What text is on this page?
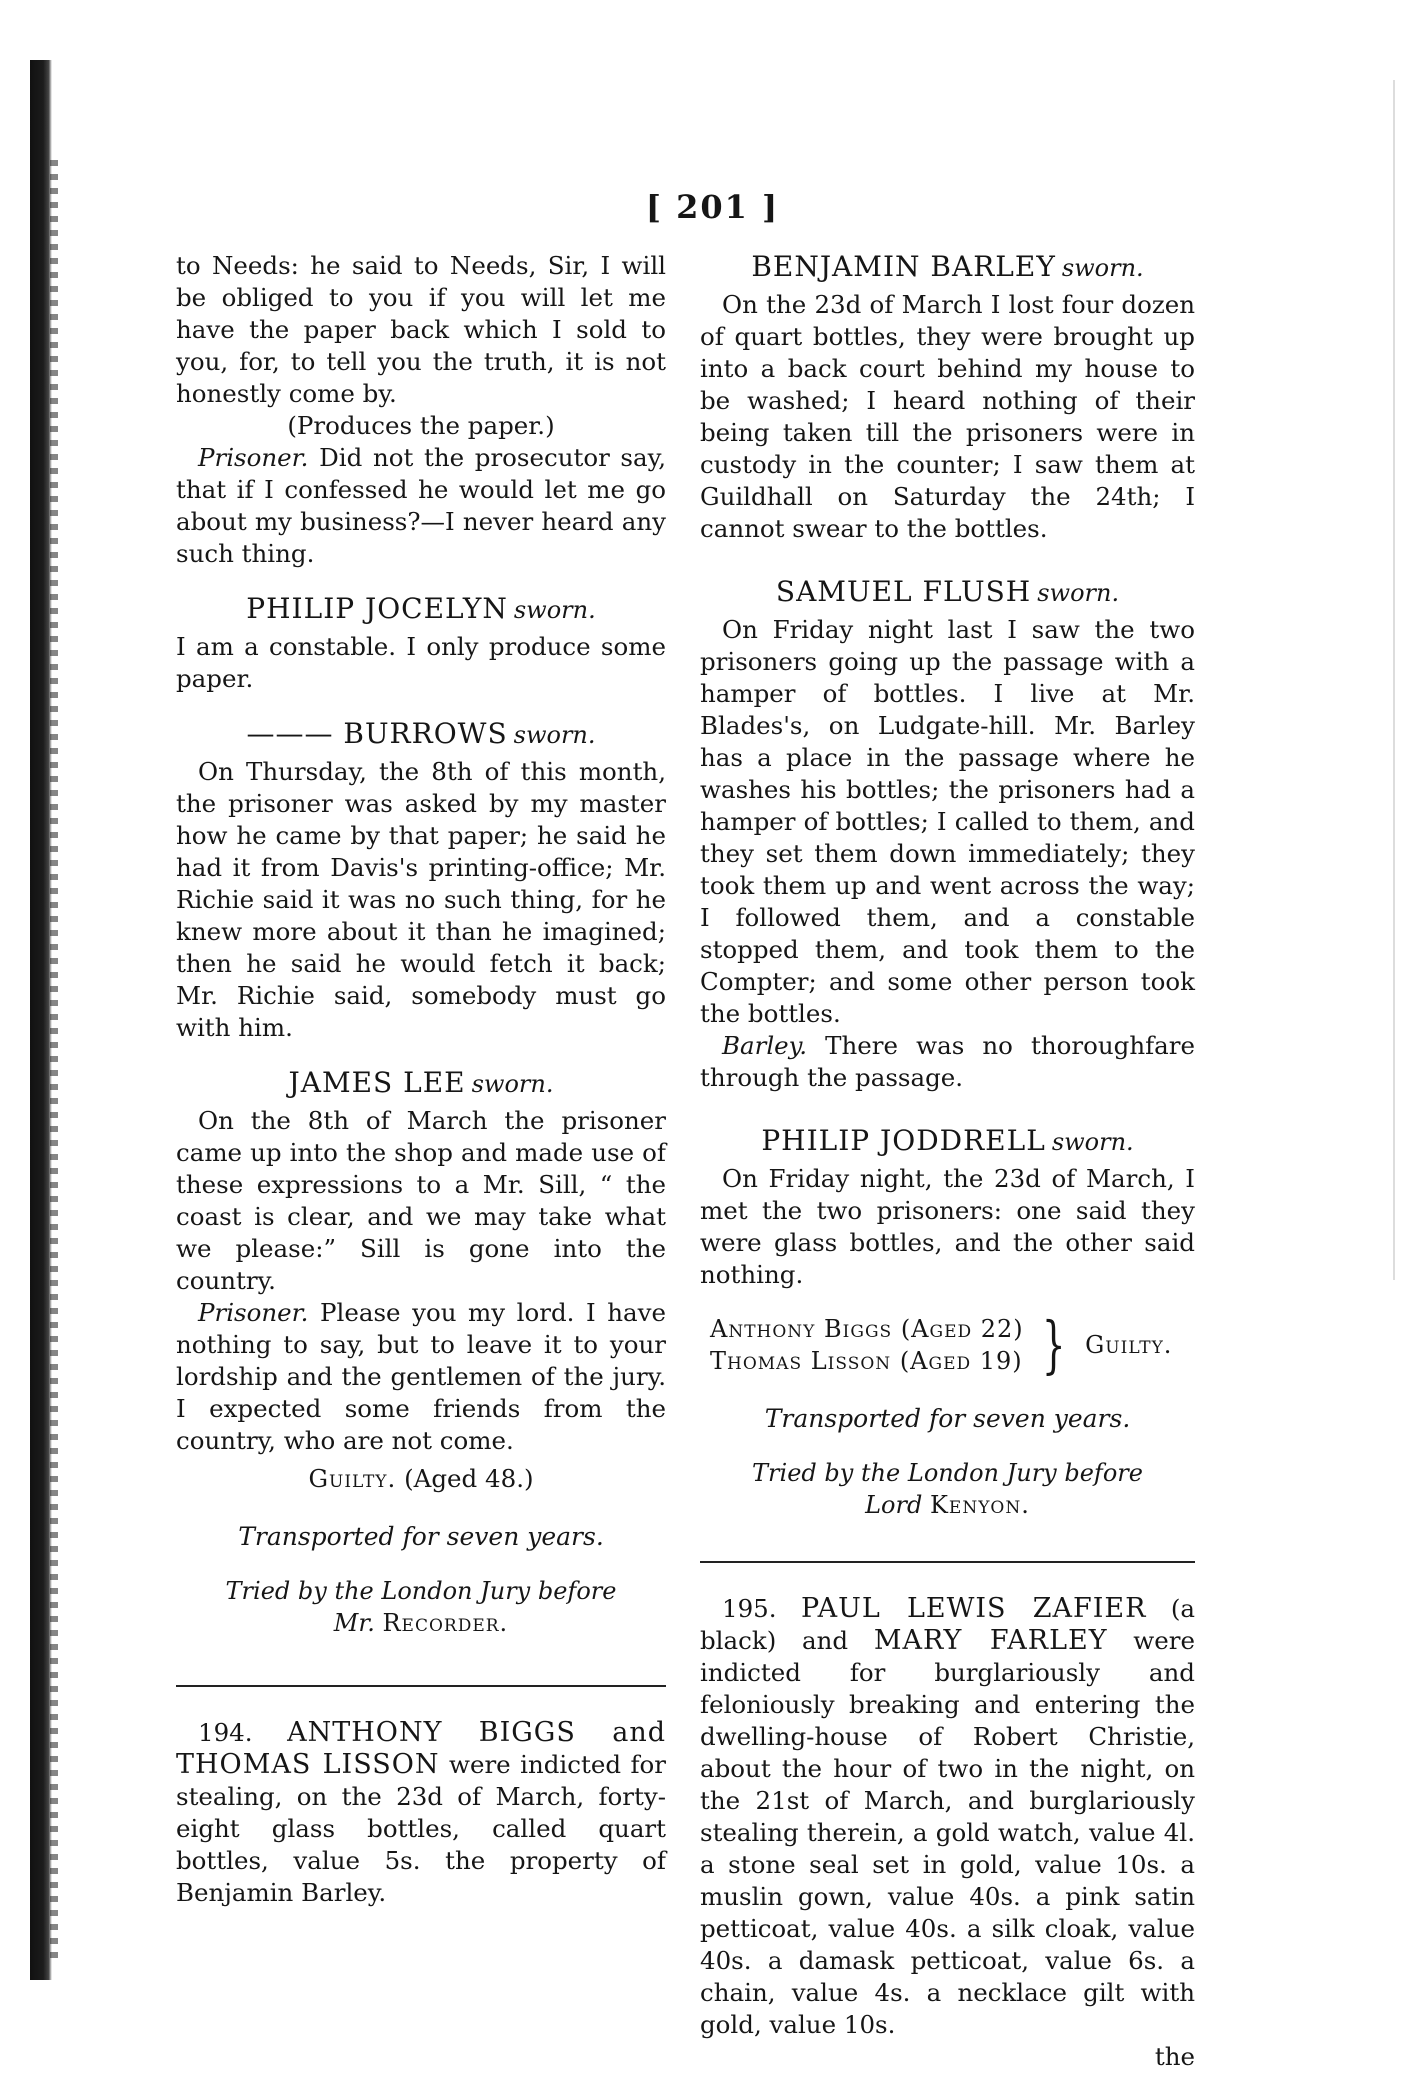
[ 201 ]

to Needs: he said to Needs, Sir, I will be obliged to you if you will let me have the paper back which I sold to you, for, to tell you the truth, it is not honestly come by.

(Produces the paper.)

Prisoner. Did not the prosecutor say, that if I confessed he would let me go about my business?—I never heard any such thing.

PHILIP JOCELYN sworn.

I am a constable. I only produce some paper.

——— BURROWS sworn.

On Thursday, the 8th of this month, the prisoner was asked by my master how he came by that paper; he said he had it from Davis's printing-office; Mr. Richie said it was no such thing, for he knew more about it than he imagined; then he said he would fetch it back; Mr. Richie said, somebody must go with him.

JAMES LEE sworn.

On the 8th of March the prisoner came up into the shop and made use of these expressions to a Mr. Sill, “ the coast is clear, and we may take what we please:” Sill is gone into the country.

Prisoner. Please you my lord. I have nothing to say, but to leave it to your lordship and the gentlemen of the jury. I expected some friends from the country, who are not come.

Guilty. (Aged 48.)
Transported for seven years.
Tried by the London Jury before
Mr. Recorder.

194. ANTHONY BIGGS and THOMAS LISSON were indicted for stealing, on the 23d of March, forty-eight glass bottles, called quart bottles, value 5s. the property of Benjamin Barley.

BENJAMIN BARLEY sworn.

On the 23d of March I lost four dozen of quart bottles, they were brought up into a back court behind my house to be washed; I heard nothing of their being taken till the prisoners were in custody in the counter; I saw them at Guildhall on Saturday the 24th; I cannot swear to the bottles.

SAMUEL FLUSH sworn.

On Friday night last I saw the two prisoners going up the passage with a hamper of bottles. I live at Mr. Blades's, on Ludgate-hill. Mr. Barley has a place in the passage where he washes his bottles; the prisoners had a hamper of bottles; I called to them, and they set them down immediately; they took them up and went across the way; I followed them, and a constable stopped them, and took them to the Compter; and some other person took the bottles.

Barley. There was no thoroughfare through the passage.

PHILIP JODDRELL sworn.

On Friday night, the 23d of March, I met the two prisoners: one said they were glass bottles, and the other said nothing.

Anthony Biggs (Aged 22)
Thomas Lisson (Aged 19) } Guilty.
Transported for seven years.
Tried by the London Jury before
Lord Kenyon.

195. PAUL LEWIS ZAFIER (a black) and MARY FARLEY were indicted for burglariously and feloniously breaking and entering the dwelling-house of Robert Christie, about the hour of two in the night, on the 21st of March, and burglariously stealing therein, a gold watch, value 4l. a stone seal set in gold, value 10s. a muslin gown, value 40s. a pink satin petticoat, value 40s. a silk cloak, value 40s. a damask petticoat, value 6s. a chain, value 4s. a necklace gilt with gold, value 10s.

the
